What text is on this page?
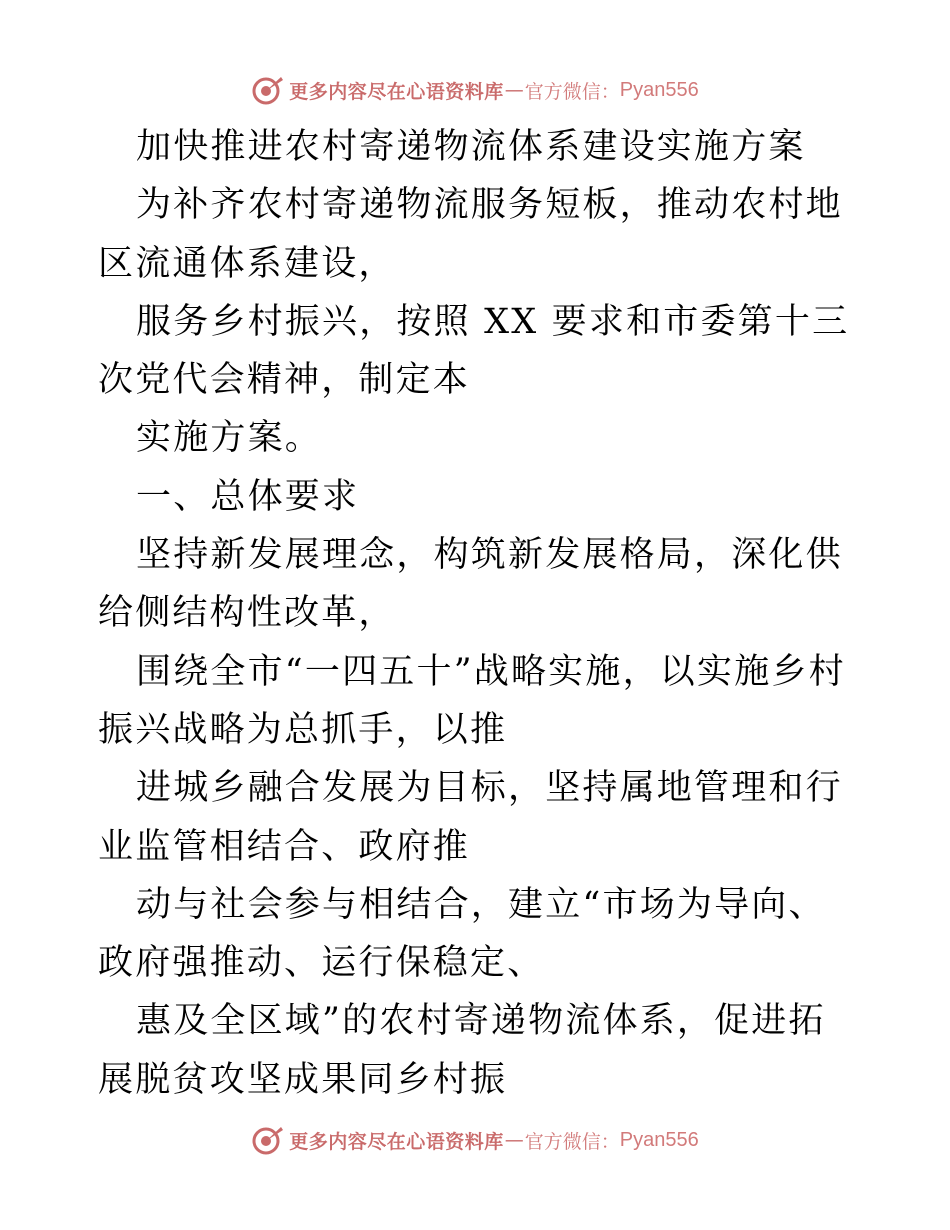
更多内容尽在心语资料库 — 官方微信： Pyan556

加快推进农村寄递物流体系建设实施方案

为补齐农村寄递物流服务短板，推动农村地区流通体系建设，

服务乡村振兴，按照 XX 要求和市委第十三次党代会精神，制定本

实施方案。

一、总体要求

坚持新发展理念，构筑新发展格局，深化供给侧结构性改革，

围绕全市“一四五十”战略实施，以实施乡村振兴战略为总抓手，以推

进城乡融合发展为目标，坚持属地管理和行业监管相结合、政府推

动与社会参与相结合，建立“市场为导向、政府强推动、运行保稳定、

惠及全区域”的农村寄递物流体系，促进拓展脱贫攻坚成果同乡村振

更多内容尽在心语资料库 — 官方微信： Pyan556
